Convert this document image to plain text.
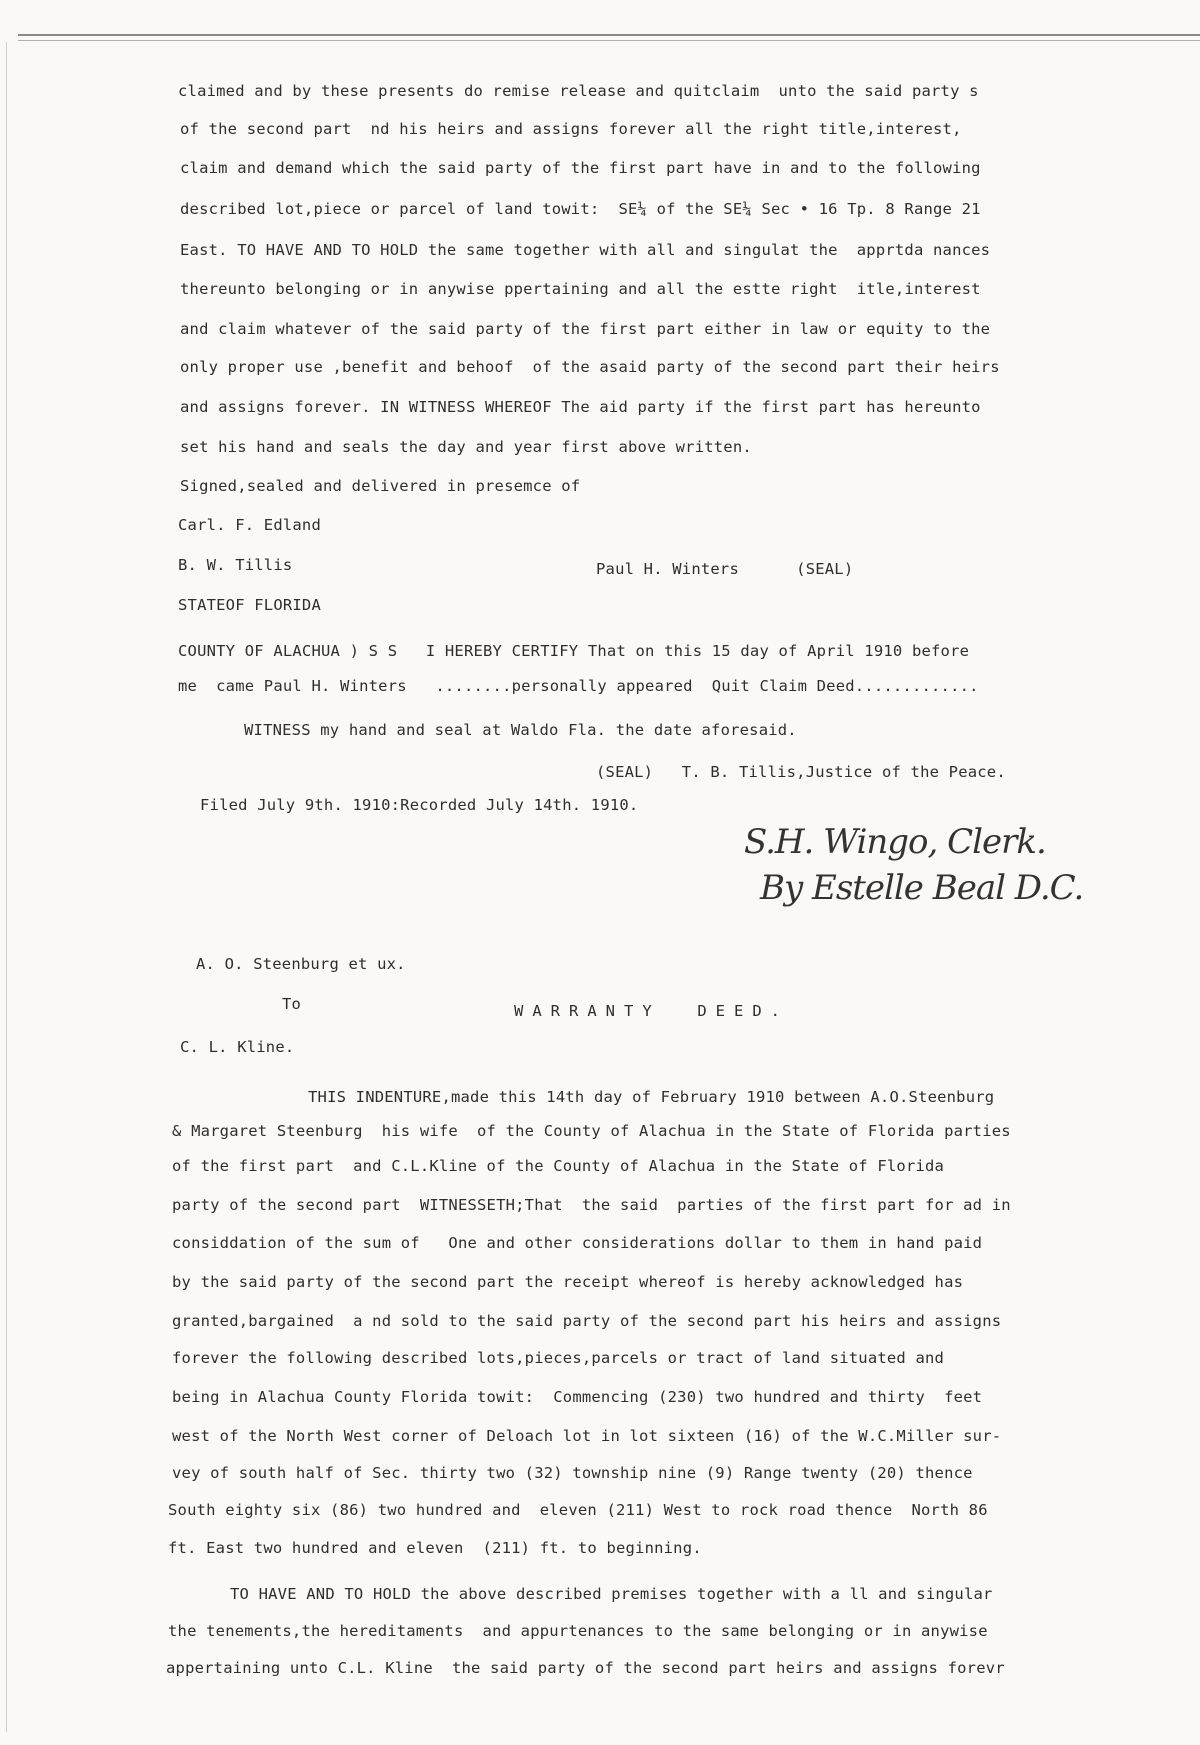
claimed and by these presents do remise release and quitclaim  unto the said party s
of the second part  nd his heirs and assigns forever all the right title,interest,
claim and demand which the said party of the first part have in and to the following
described lot,piece or parcel of land towit:  SE¼ of the SE¼ Sec • 16 Tp. 8 Range 21
East. TO HAVE AND TO HOLD the same together with all and singulat the  apprtda nances
thereunto belonging or in anywise ppertaining and all the estte right  itle,interest
and claim whatever of the said party of the first part either in law or equity to the
only proper use ,benefit and behoof  of the asaid party of the second part their heirs
and assigns forever. IN WITNESS WHEREOF The aid party if the first part has hereunto
set his hand and seals the day and year first above written.
Signed,sealed and delivered in presemce of
Carl. F. Edland
B. W. Tillis	Paul H. Winters      (SEAL)
STATEOF FLORIDA
COUNTY OF ALACHUA ) S S   I HEREBY CERTIFY That on this 15 day of April 1910 before
me  came Paul H. Winters   ........personally appeared  Quit Claim Deed.............
WITNESS my hand and seal at Waldo Fla. the date aforesaid.
(SEAL)   T. B. Tillis,Justice of the Peace.
Filed July 9th. 1910:Recorded July 14th. 1910.
S.H. Wingo, Clerk.
By Estelle Beal D.C.
A. O. Steenburg et ux.
To	WARRANTY  DEED.
C. L. Kline.
THIS INDENTURE,made this 14th day of February 1910 between A.O.Steenburg
& Margaret Steenburg  his wife  of the County of Alachua in the State of Florida parties
of the first part  and C.L.Kline of the County of Alachua in the State of Florida
party of the second part  WITNESSETH;That  the said  parties of the first part for ad in
considdation of the sum of   One and other considerations dollar to them in hand paid
by the said party of the second part the receipt whereof is hereby acknowledged has
granted,bargained  a nd sold to the said party of the second part his heirs and assigns
forever the following described lots,pieces,parcels or tract of land situated and
being in Alachua County Florida towit:  Commencing (230) two hundred and thirty  feet
west of the North West corner of Deloach lot in lot sixteen (16) of the W.C.Miller sur-
vey of south half of Sec. thirty two (32) township nine (9) Range twenty (20) thence
South eighty six (86) two hundred and  eleven (211) West to rock road thence  North 86
ft. East two hundred and eleven  (211) ft. to beginning.
TO HAVE AND TO HOLD the above described premises together with a ll and singular
the tenements,the hereditaments  and appurtenances to the same belonging or in anywise
appertaining unto C.L. Kline  the said party of the second part heirs and assigns forevr
